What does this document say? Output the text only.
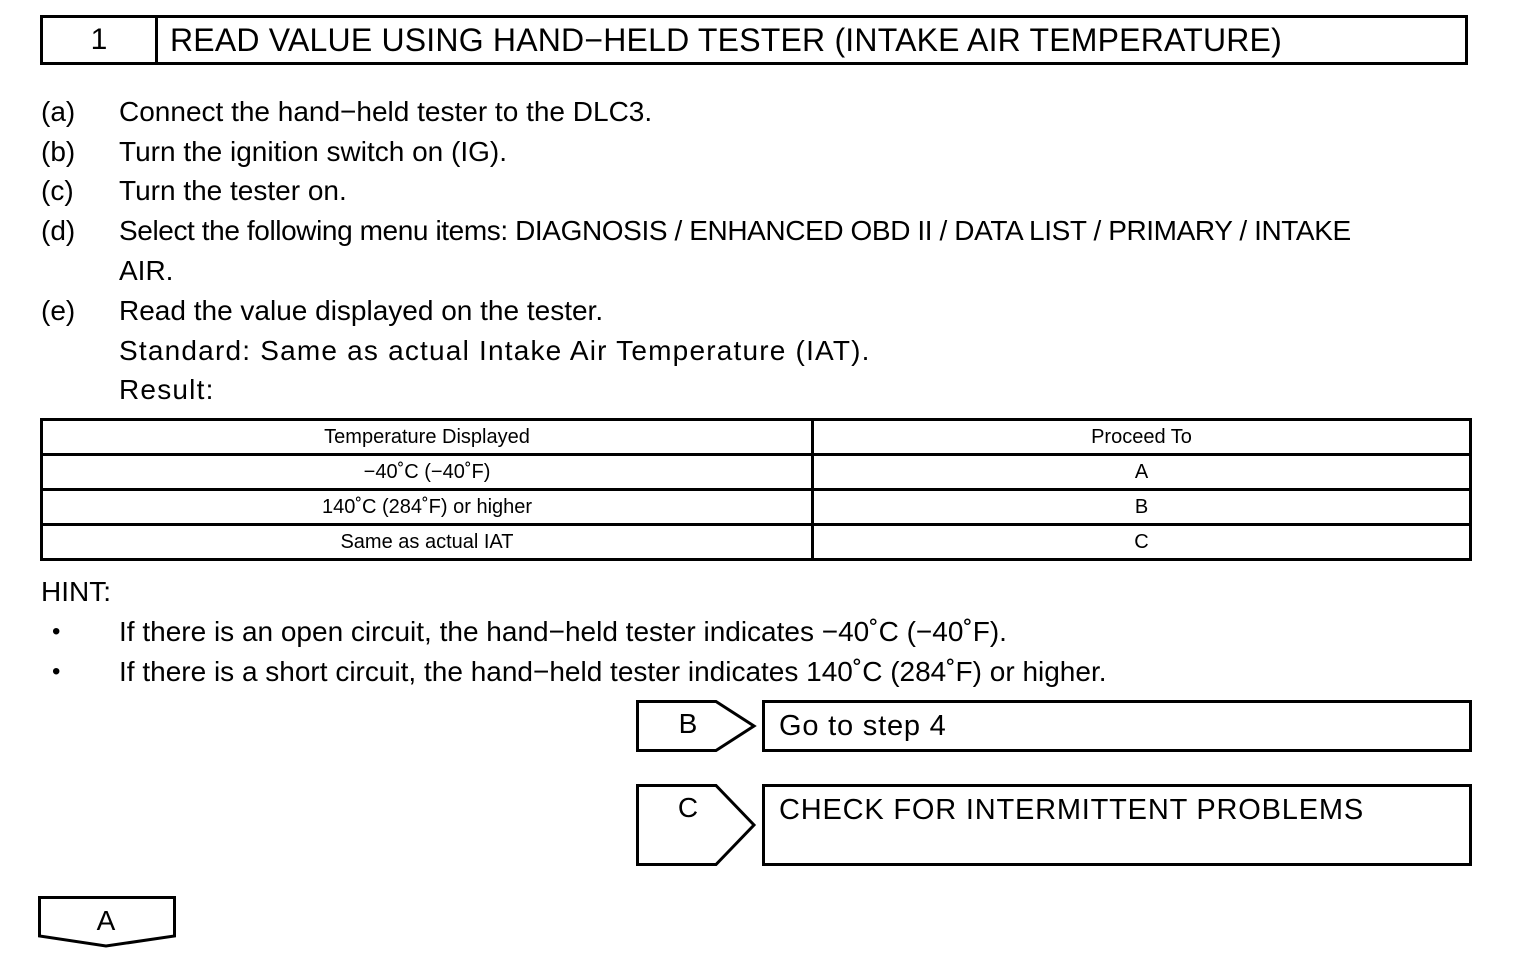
1	READ VALUE USING HAND−HELD TESTER (INTAKE AIR TEMPERATURE)
(a)	Connect the hand−held tester to the DLC3.
(b)	Turn the ignition switch on (IG).
(c)	Turn the tester on.
(d)	Select the following menu items: DIAGNOSIS / ENHANCED OBD II / DATA LIST / PRIMARY / INTAKE
AIR.
(e)	Read the value displayed on the tester.
Standard: Same as actual Intake Air Temperature (IAT).
Result:
Temperature Displayed	Proceed To
−40˚C (−40˚F)	A
140˚C (284˚F) or higher	B
Same as actual IAT	C
HINT:
• If there is an open circuit, the hand−held tester indicates −40˚C (−40˚F).
• If there is a short circuit, the hand−held tester indicates 140˚C (284˚F) or higher.
B	Go to step 4
C	CHECK FOR INTERMITTENT PROBLEMS
A
